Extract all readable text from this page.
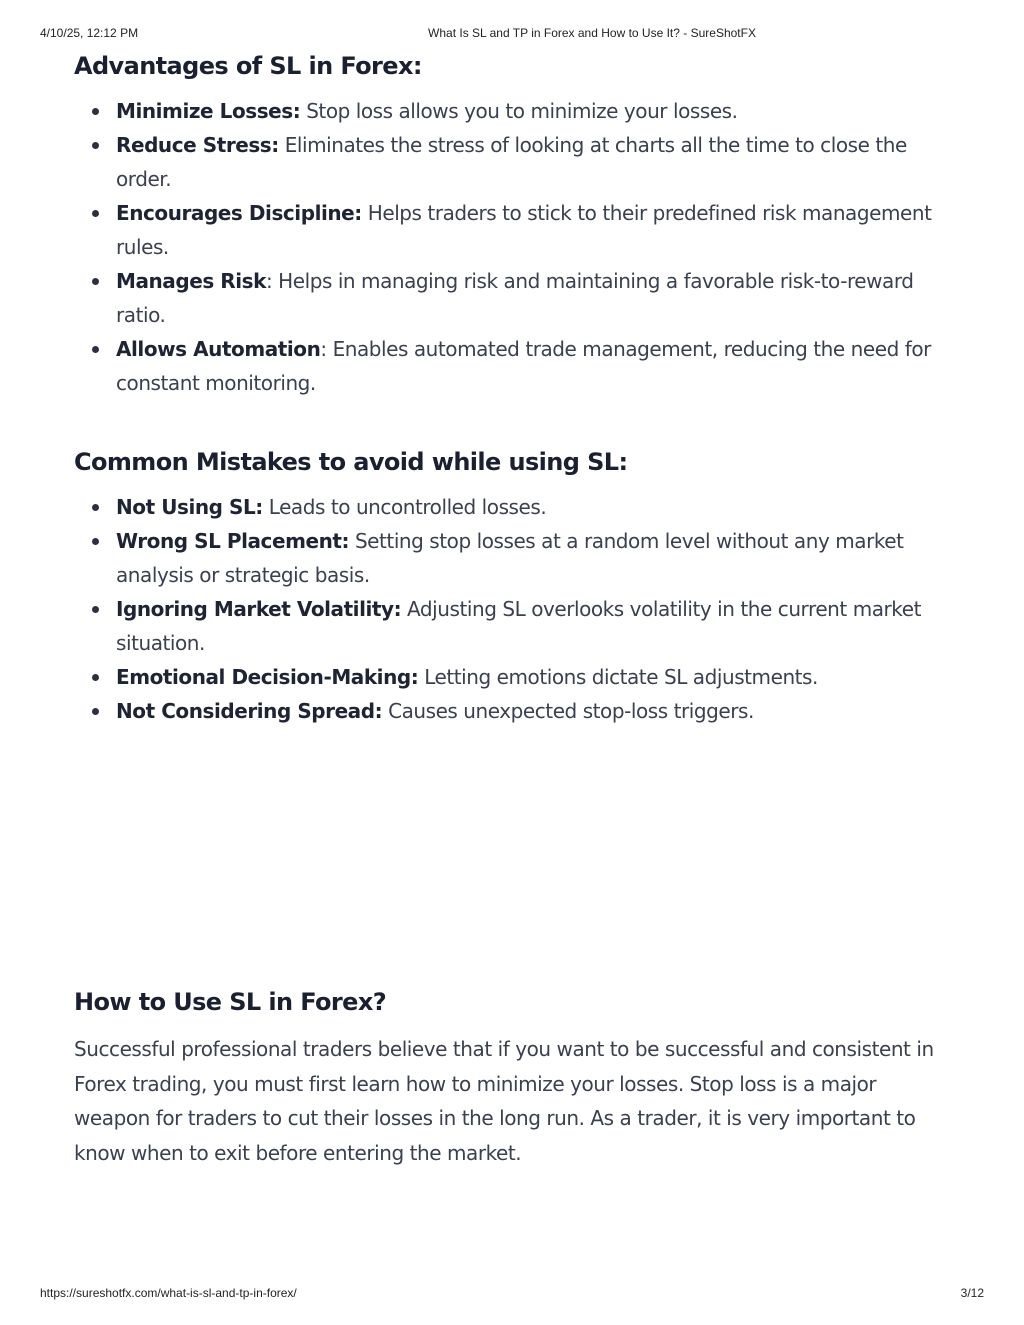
4/10/25, 12:12 PM	What Is SL and TP in Forex and How to Use It? - SureShotFX
Advantages of SL in Forex:
Minimize Losses: Stop loss allows you to minimize your losses.
Reduce Stress: Eliminates the stress of looking at charts all the time to close the order.
Encourages Discipline: Helps traders to stick to their predefined risk management rules.
Manages Risk: Helps in managing risk and maintaining a favorable risk-to-reward ratio.
Allows Automation: Enables automated trade management, reducing the need for constant monitoring.
Common Mistakes to avoid while using SL:
Not Using SL: Leads to uncontrolled losses.
Wrong SL Placement: Setting stop losses at a random level without any market analysis or strategic basis.
Ignoring Market Volatility: Adjusting SL overlooks volatility in the current market situation.
Emotional Decision-Making: Letting emotions dictate SL adjustments.
Not Considering Spread: Causes unexpected stop-loss triggers.
How to Use SL in Forex?

Successful professional traders believe that if you want to be successful and consistent in Forex trading, you must first learn how to minimize your losses. Stop loss is a major weapon for traders to cut their losses in the long run. As a trader, it is very important to know when to exit before entering the market.

https://sureshotfx.com/what-is-sl-and-tp-in-forex/	3/12
